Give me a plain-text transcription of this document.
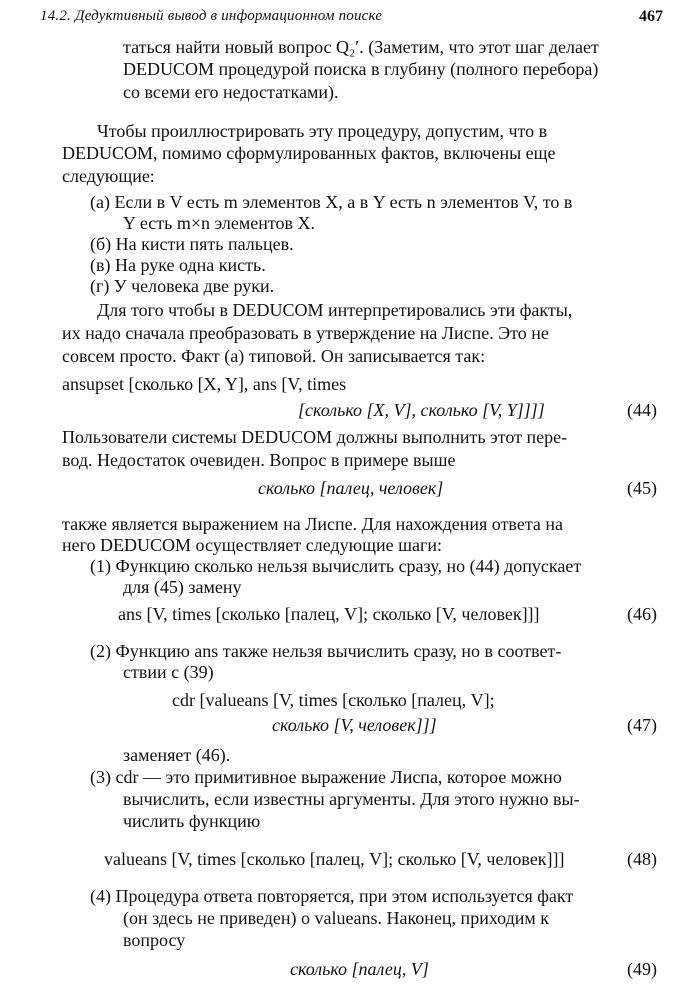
14.2. Дедуктивный вывод в информационном поиске	467
таться найти новый вопрос Q₂′. (Заметим, что этот шаг делает
DEDUCOM процедурой поиска в глубину (полного перебора)
со всеми его недостатками).
Чтобы проиллюстрировать эту процедуру, допустим, что в
DEDUCOM, помимо сформулированных фактов, включены еще
следующие:
(а) Если в V есть m элементов X, а в Y есть n элементов V, то в
Y есть m×n элементов X.
(б) На кисти пять пальцев.
(в) На руке одна кисть.
(г) У человека две руки.
Для того чтобы в DEDUCOM интерпретировались эти факты,
их надо сначала преобразовать в утверждение на Лиспе. Это не
совсем просто. Факт (а) типовой. Он записывается так:
ansupset [сколько [X, Y], ans [V, times
[сколько [X, V], сколько [V, Y]]]]	(44)
Пользователи системы DEDUCOM должны выполнить этот пере-
вод. Недостаток очевиден. Вопрос в примере выше
сколько [палец, человек]	(45)
также является выражением на Лиспе. Для нахождения ответа на
него DEDUCOM осуществляет следующие шаги:
(1) Функцию сколько нельзя вычислить сразу, но (44) допускает
для (45) замену
ans [V, times [сколько [палец, V]; сколько [V, человек]]]	(46)
(2) Функцию ans также нельзя вычислить сразу, но в соответ-
ствии с (39)
cdr [valueans [V, times [сколько [палец, V];
сколько [V, человек]]]	(47)
заменяет (46).
(3) cdr — это примитивное выражение Лиспа, которое можно
вычислить, если известны аргументы. Для этого нужно вы-
числить функцию
valueans [V, times [сколько [палец, V]; сколько [V, человек]]]	(48)
(4) Процедура ответа повторяется, при этом используется факт
(он здесь не приведен) о valueans. Наконец, приходим к
вопросу
сколько [палец, V]	(49)
